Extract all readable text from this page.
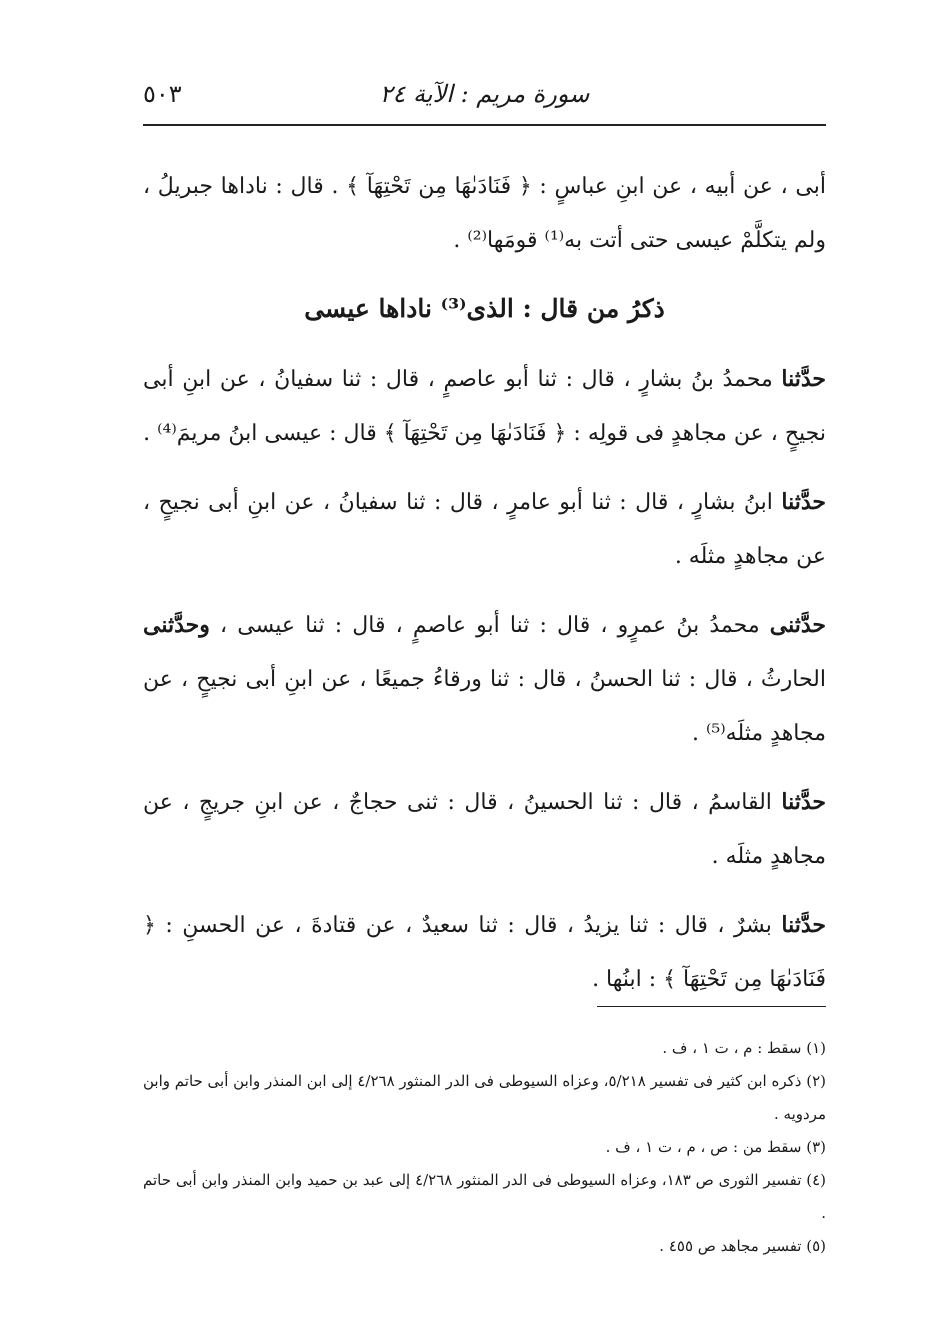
سورة مريم : الآية ٢٤
٥٠٣

أبى ، عن أبيه ، عن ابنِ عباسٍ : ﴿ فَنَادَىٰهَا مِن تَحْتِهَآ ﴾ . قال : ناداها جبريلُ ، ولم يتكلَّمْ عيسى حتى أتت به⁽¹⁾ قومَها⁽²⁾ .

ذكرُ من قال : الذى⁽³⁾ ناداها عيسى

حدَّثنا محمدُ بنُ بشارٍ ، قال : ثنا أبو عاصمٍ ، قال : ثنا سفيانُ ، عن ابنِ أبى نجيحٍ ، عن مجاهدٍ فى قولِه : ﴿ فَنَادَىٰهَا مِن تَحْتِهَآ ﴾ قال : عيسى ابنُ مريمَ⁽⁴⁾ .

حدَّثنا ابنُ بشارٍ ، قال : ثنا أبو عامرٍ ، قال : ثنا سفيانُ ، عن ابنِ أبى نجيحٍ ، عن مجاهدٍ مثلَه .

حدَّثنى محمدُ بنُ عمرٍو ، قال : ثنا أبو عاصمٍ ، قال : ثنا عيسى ، وحدَّثنى الحارثُ ، قال : ثنا الحسنُ ، قال : ثنا ورقاءُ جميعًا ، عن ابنِ أبى نجيحٍ ، عن مجاهدٍ مثلَه⁽⁵⁾ .

حدَّثنا القاسمُ ، قال : ثنا الحسينُ ، قال : ثنى حجاجٌ ، عن ابنِ جريجٍ ، عن مجاهدٍ مثلَه .

حدَّثنا بشرٌ ، قال : ثنا يزيدُ ، قال : ثنا سعيدٌ ، عن قتادةَ ، عن الحسنِ : ﴿ فَنَادَىٰهَا مِن تَحْتِهَآ ﴾ : ابنُها .

(١) سقط : م ، ت ١ ، ف .

(٢) ذكره ابن كثير فى تفسير ٥/٢١٨، وعزاه السيوطى فى الدر المنثور ٤/٢٦٨ إلى ابن المنذر وابن أبى حاتم وابن مردويه .

(٣) سقط من : ص ، م ، ت ١ ، ف .

(٤) تفسير الثورى ص ١٨٣، وعزاه السيوطى فى الدر المنثور ٤/٢٦٨ إلى عبد بن حميد وابن المنذر وابن أبى حاتم .

(٥) تفسير مجاهد ص ٤٥٥ .
